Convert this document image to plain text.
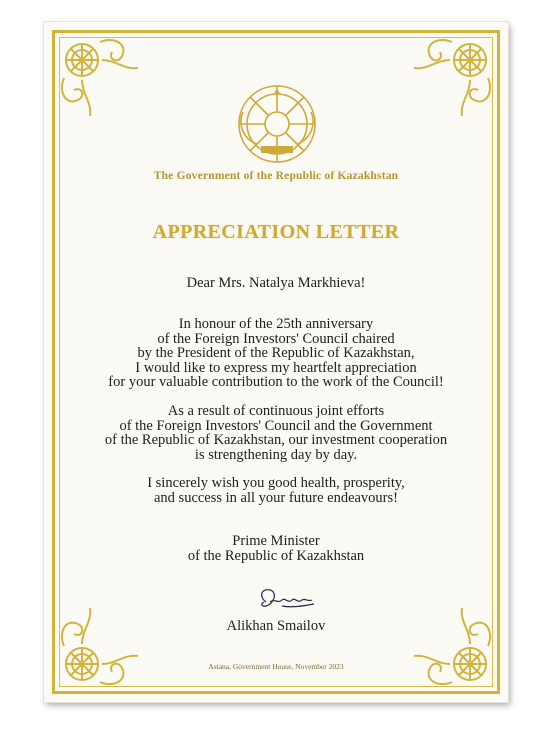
The Government of the Republic of Kazakhstan
APPRECIATION LETTER
Dear Mrs. Natalya Markhieva!
In honour of the 25th anniversary
of the Foreign Investors' Council chaired
by the President of the Republic of Kazakhstan,
I would like to express my heartfelt appreciation
for your valuable contribution to the work of the Council!
As a result of continuous joint efforts
of the Foreign Investors' Council and the Government
of the Republic of Kazakhstan, our investment cooperation
is strengthening day by day.
I sincerely wish you good health, prosperity,
and success in all your future endeavours!
Prime Minister
of the Republic of Kazakhstan
Alikhan Smailov
Astana, Government House, November 2023
